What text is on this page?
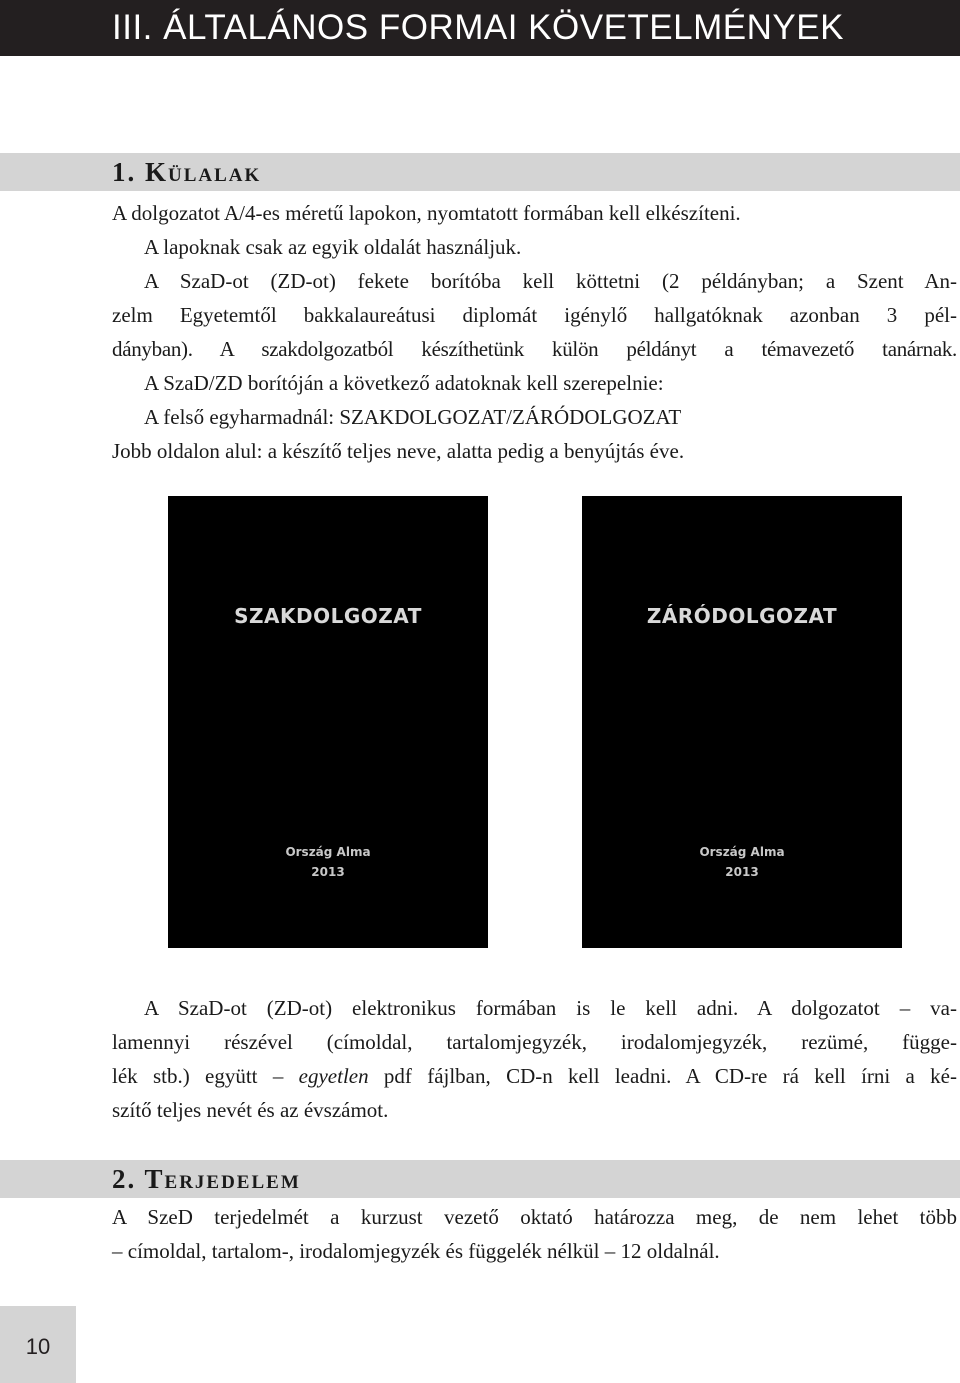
III. ÁLTALÁNOS FORMAI KÖVETELMÉNYEK
1. Külalak
A dolgozatot A/4-es méretű lapokon, nyomtatott formában kell elkészíteni.
A lapoknak csak az egyik oldalát használjuk.
A SzaD-ot (ZD-ot) fekete borítóba kell köttetni (2 példányban; a Szent An-
zelm Egyetemtől bakkalaureátusi diplomát igénylő hallgatóknak azonban 3 pél-
dányban). A szakdolgozatból készíthetünk külön példányt a témavezető tanárnak.
A SzaD/ZD borítóján a következő adatoknak kell szerepelnie:
A felső egyharmadnál: SZAKDOLGOZAT/ZÁRÓDOLGOZAT
Jobb oldalon alul: a készítő teljes neve, alatta pedig a benyújtás éve.
SZAKDOLGOZAT
Ország Alma
2013
ZÁRÓDOLGOZAT
Ország Alma
2013
A SzaD-ot (ZD-ot) elektronikus formában is le kell adni. A dolgozatot – va-
lamennyi részével (címoldal, tartalomjegyzék, irodalomjegyzék, rezümé, függe-
lék stb.) együtt – egyetlen pdf fájlban, CD-n kell leadni. A CD-re rá kell írni a ké-
szítő teljes nevét és az évszámot.
2. Terjedelem
A SzeD terjedelmét a kurzust vezető oktató határozza meg, de nem lehet több
– címoldal, tartalom-, irodalomjegyzék és függelék nélkül – 12 oldalnál.
10
